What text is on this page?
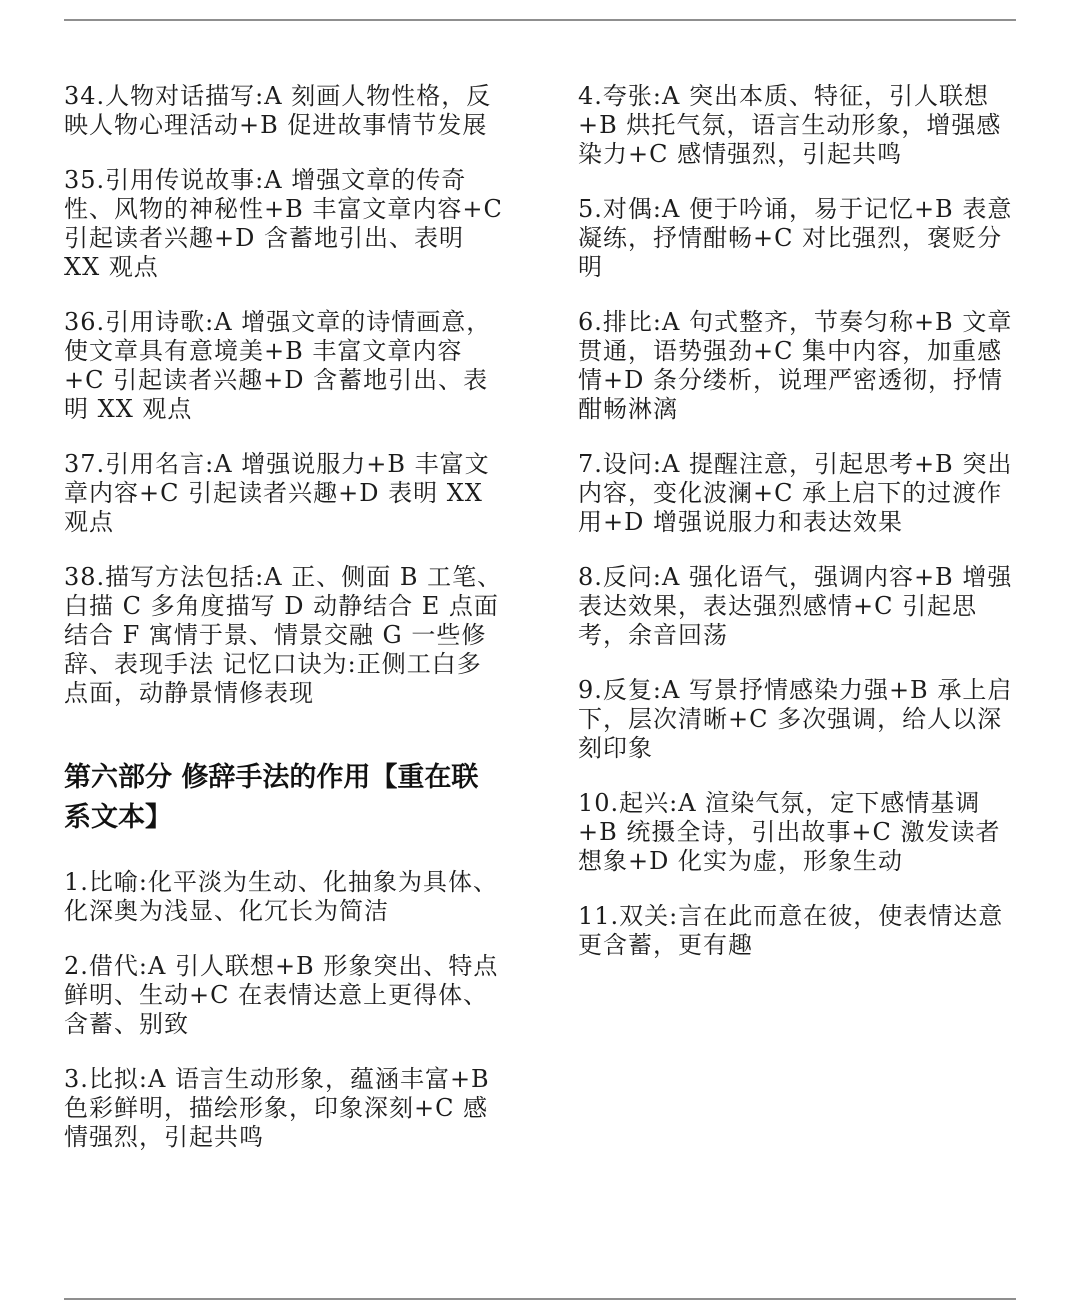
34.人物对话描写:A 刻画人物性格，反映人物心理活动+B 促进故事情节发展

35.引用传说故事:A 增强文章的传奇性、风物的神秘性+B 丰富文章内容+C 引起读者兴趣+D 含蓄地引出、表明 XX 观点

36.引用诗歌:A 增强文章的诗情画意，使文章具有意境美+B 丰富文章内容 +C 引起读者兴趣+D 含蓄地引出、表明 XX 观点

37.引用名言:A 增强说服力+B 丰富文章内容+C 引起读者兴趣+D 表明 XX 观点

38.描写方法包括:A 正、侧面 B 工笔、白描 C 多角度描写 D 动静结合 E 点面结合 F 寓情于景、情景交融 G 一些修辞、表现手法 记忆口诀为:正侧工白多点面，动静景情修表现

第六部分 修辞手法的作用【重在联系文本】

1.比喻:化平淡为生动、化抽象为具体、化深奥为浅显、化冗长为简洁

2.借代:A 引人联想+B 形象突出、特点鲜明、生动+C 在表情达意上更得体、含蓄、别致

3.比拟:A 语言生动形象，蕴涵丰富+B 色彩鲜明，描绘形象，印象深刻+C 感情强烈，引起共鸣

4.夸张:A 突出本质、特征，引人联想+B 烘托气氛，语言生动形象，增强感染力+C 感情强烈，引起共鸣

5.对偶:A 便于吟诵，易于记忆+B 表意凝练，抒情酣畅+C 对比强烈，褒贬分明

6.排比:A 句式整齐，节奏匀称+B 文章贯通，语势强劲+C 集中内容，加重感情+D 条分缕析，说理严密透彻，抒情酣畅淋漓

7.设问:A 提醒注意，引起思考+B 突出内容，变化波澜+C 承上启下的过渡作用+D 增强说服力和表达效果

8.反问:A 强化语气，强调内容+B 增强表达效果，表达强烈感情+C 引起思考，余音回荡

9.反复:A 写景抒情感染力强+B 承上启下，层次清晰+C 多次强调，给人以深刻印象

10.起兴:A 渲染气氛，定下感情基调+B 统摄全诗，引出故事+C 激发读者想象+D 化实为虚，形象生动

11.双关:言在此而意在彼，使表情达意更含蓄，更有趣
